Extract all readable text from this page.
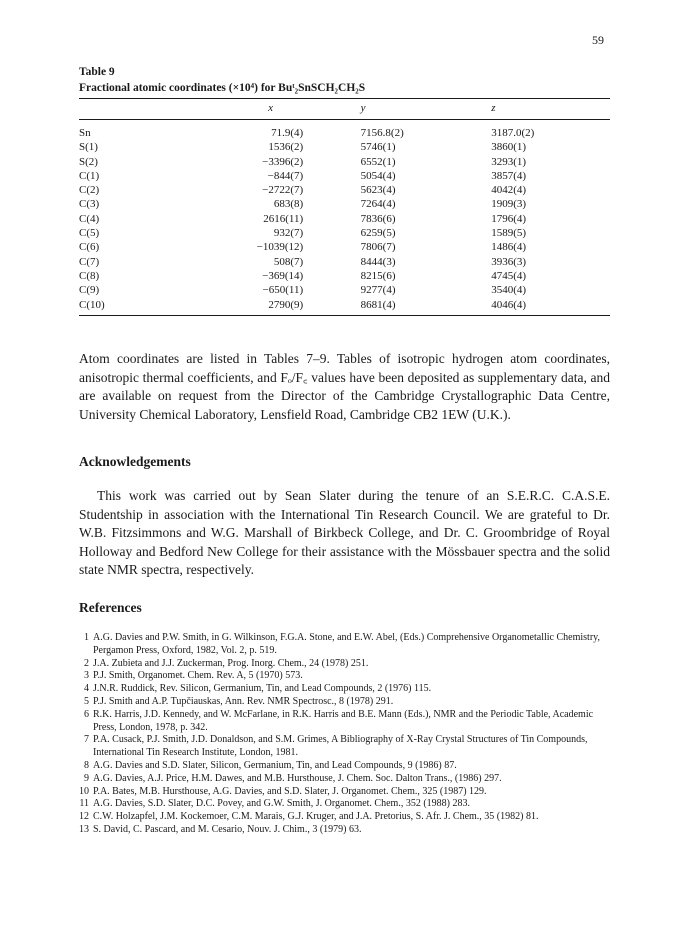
59
Table 9
Fractional atomic coordinates (×10⁴) for Buᵗ₂SnSCH₂CH₂S
	x		y	z
Sn	71.9(4)		7156.8(2)	3187.0(2)
S(1)	1536(2)		5746(1)	3860(1)
S(2)	−3396(2)		6552(1)	3293(1)
C(1)	−844(7)		5054(4)	3857(4)
C(2)	−2722(7)		5623(4)	4042(4)
C(3)	683(8)		7264(4)	1909(3)
C(4)	2616(11)		7836(6)	1796(4)
C(5)	932(7)		6259(5)	1589(5)
C(6)	−1039(12)		7806(7)	1486(4)
C(7)	508(7)		8444(3)	3936(3)
C(8)	−369(14)		8215(6)	4745(4)
C(9)	−650(11)		9277(4)	3540(4)
C(10)	2790(9)		8681(4)	4046(4)

Atom coordinates are listed in Tables 7–9. Tables of isotropic hydrogen atom coordinates, anisotropic thermal coefficients, and Fₒ/F꜀ values have been deposited as supplementary data, and are available on request from the Director of the Cambridge Crystallographic Data Centre, University Chemical Laboratory, Lensfield Road, Cambridge CB2 1EW (U.K.).

Acknowledgements

This work was carried out by Sean Slater during the tenure of an S.E.R.C. C.A.S.E. Studentship in association with the International Tin Research Council. We are grateful to Dr. W.B. Fitzsimmons and W.G. Marshall of Birkbeck College, and Dr. C. Groombridge of Royal Holloway and Bedford New College for their assistance with the Mössbauer spectra and the solid state NMR spectra, respectively.

References
1 A.G. Davies and P.W. Smith, in G. Wilkinson, F.G.A. Stone, and E.W. Abel, (Eds.) Comprehensive Organometallic Chemistry, Pergamon Press, Oxford, 1982, Vol. 2, p. 519.
2 J.A. Zubieta and J.J. Zuckerman, Prog. Inorg. Chem., 24 (1978) 251.
3 P.J. Smith, Organomet. Chem. Rev. A, 5 (1970) 573.
4 J.N.R. Ruddick, Rev. Silicon, Germanium, Tin, and Lead Compounds, 2 (1976) 115.
5 P.J. Smith and A.P. Tupčiauskas, Ann. Rev. NMR Spectrosc., 8 (1978) 291.
6 R.K. Harris, J.D. Kennedy, and W. McFarlane, in R.K. Harris and B.E. Mann (Eds.), NMR and the Periodic Table, Academic Press, London, 1978, p. 342.
7 P.A. Cusack, P.J. Smith, J.D. Donaldson, and S.M. Grimes, A Bibliography of X-Ray Crystal Structures of Tin Compounds, International Tin Research Institute, London, 1981.
8 A.G. Davies and S.D. Slater, Silicon, Germanium, Tin, and Lead Compounds, 9 (1986) 87.
9 A.G. Davies, A.J. Price, H.M. Dawes, and M.B. Hursthouse, J. Chem. Soc. Dalton Trans., (1986) 297.
10 P.A. Bates, M.B. Hursthouse, A.G. Davies, and S.D. Slater, J. Organomet. Chem., 325 (1987) 129.
11 A.G. Davies, S.D. Slater, D.C. Povey, and G.W. Smith, J. Organomet. Chem., 352 (1988) 283.
12 C.W. Holzapfel, J.M. Kockemoer, C.M. Marais, G.J. Kruger, and J.A. Pretorius, S. Afr. J. Chem., 35 (1982) 81.
13 S. David, C. Pascard, and M. Cesario, Nouv. J. Chim., 3 (1979) 63.
